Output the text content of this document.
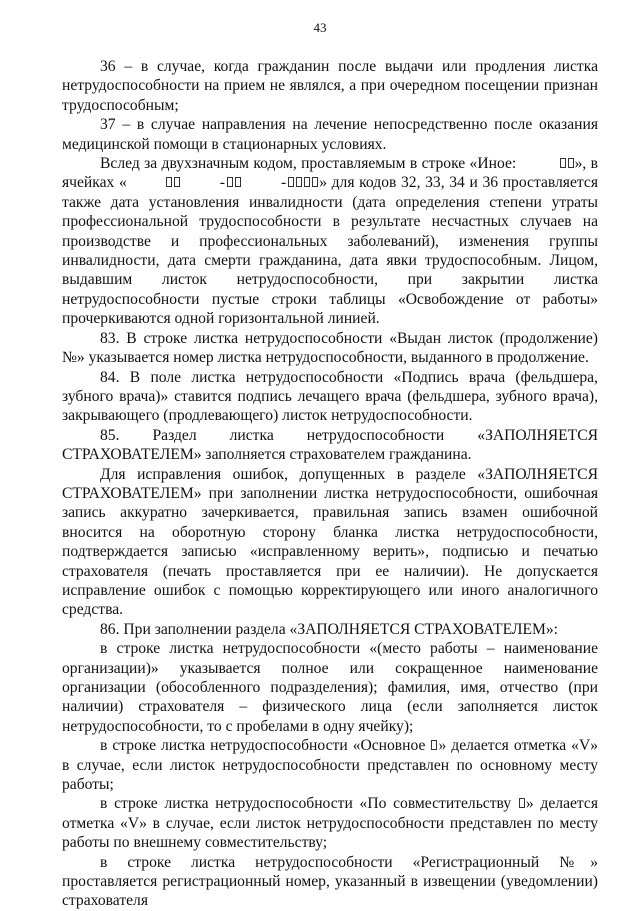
43

36 – в случае, когда гражданин после выдачи или продления листка нетрудоспособности на прием не являлся, а при очередном посещении признан трудоспособным;

37 – в случае направления на лечение непосредственно после оказания медицинской помощи в стационарных условиях.

Вслед за двухзначным кодом, проставляемым в строке «Иное:	», в ячейках «	-	- » для кодов 32, 33, 34 и 36 проставляется также дата установления инвалидности (дата определения степени утраты профессиональной трудоспособности в результате несчастных случаев на производстве и профессиональных заболеваний), изменения группы инвалидности, дата смерти гражданина, дата явки трудоспособным. Лицом, выдавшим листок нетрудоспособности, при закрытии листка нетрудоспособности пустые строки таблицы «Освобождение от работы» прочеркиваются одной горизонтальной линией.

83. В строке листка нетрудоспособности «Выдан листок (продолжение) №» указывается номер листка нетрудоспособности, выданного в продолжение.

84. В поле листка нетрудоспособности «Подпись врача (фельдшера, зубного врача)» ставится подпись лечащего врача (фельдшера, зубного врача), закрывающего (продлевающего) листок нетрудоспособности.

85. Раздел листка нетрудоспособности «ЗАПОЛНЯЕТСЯ СТРАХОВАТЕЛЕМ» заполняется страхователем гражданина.

Для исправления ошибок, допущенных в разделе «ЗАПОЛНЯЕТСЯ СТРАХОВАТЕЛЕМ» при заполнении листка нетрудоспособности, ошибочная запись аккуратно зачеркивается, правильная запись взамен ошибочной вносится на оборотную сторону бланка листка нетрудоспособности, подтверждается записью «исправленному верить», подписью и печатью страхователя (печать проставляется при ее наличии). Не допускается исправление ошибок с помощью корректирующего или иного аналогичного средства.

86. При заполнении раздела «ЗАПОЛНЯЕТСЯ СТРАХОВАТЕЛЕМ»:

в строке листка нетрудоспособности «(место работы – наименование организации)» указывается полное или сокращенное наименование организации (обособленного подразделения); фамилия, имя, отчество (при наличии) страхователя – физического лица (если заполняется листок нетрудоспособности, то с пробелами в одну ячейку);

в строке листка нетрудоспособности «Основное » делается отметка «V» в случае, если листок нетрудоспособности представлен по основному месту работы;

в строке листка нетрудоспособности «По совместительству » делается отметка «V» в случае, если листок нетрудоспособности представлен по месту работы по внешнему совместительству;

в строке листка нетрудоспособности «Регистрационный №» проставляется регистрационный номер, указанный в извещении (уведомлении) страхователя
